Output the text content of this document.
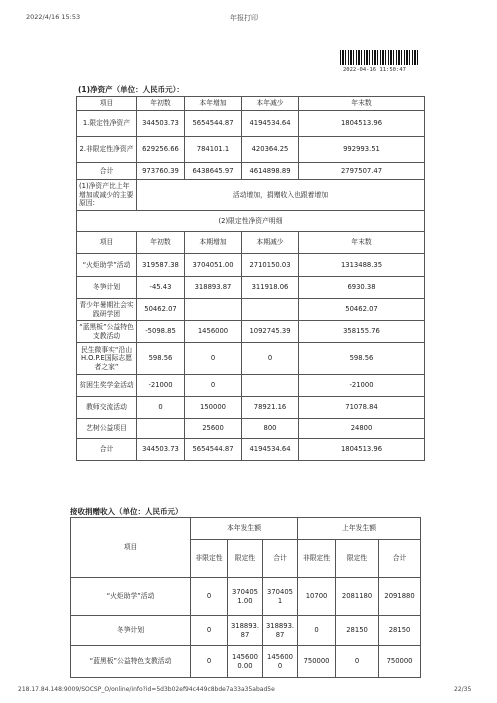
2022/4/16 15:53	年报打印
2022-04-16 11:50:47
(1)净资产（单位：人民币元）：
项目	年初数	本年增加	本年减少	年末数
1.限定性净资产	344503.73	5654544.87	4194534.64	1804513.96
2.非限定性净资产	629256.66	784101.1	420364.25	992993.51
合计	973760.39	6438645.97	4614898.89	2797507.47
(1)净资产比上年增加或减少的主要原因:	活动增加，捐赠收入也跟着增加			
(2)限定性净资产明细				
项目	年初数	本期增加	本期减少	年末数
“火炬助学”活动	319587.38	3704051.00	2710150.03	1313488.35
冬笋计划	-45.43	318893.87	311918.06	6930.38
青少年暑期社会实践研学团	50462.07			50462.07
“蓝黑板”公益特色支教活动	-5098.85	1456000	1092745.39	358155.76
民生微事实“沿山H.O.P.E国际志愿者之家”	598.56	0	0	598.56
贫困生奖学金活动	-21000	0		-21000
教师交流活动	0	150000	78921.16	71078.84
艺树公益项目		25600	800	24800
合计	344503.73	5654544.87	4194534.64	1804513.96
接收捐赠收入（单位：人民币元）
项目	本年发生额			上年发生额		
	非限定性	限定性	合计	非限定性	限定性	合计
“火炬助学”活动	0	3704051.00	3704051	10700	2081180	2091880
冬笋计划	0	318893.87	318893.87	0	28150	28150
“蓝黑板”公益特色支教活动	0	1456000.00	1456000	750000	0	750000
218.17.84.148:9009/SOCSP_O/online/info?id=5d3b02ef94c449c8bde7a33a35abad5e	22/35
